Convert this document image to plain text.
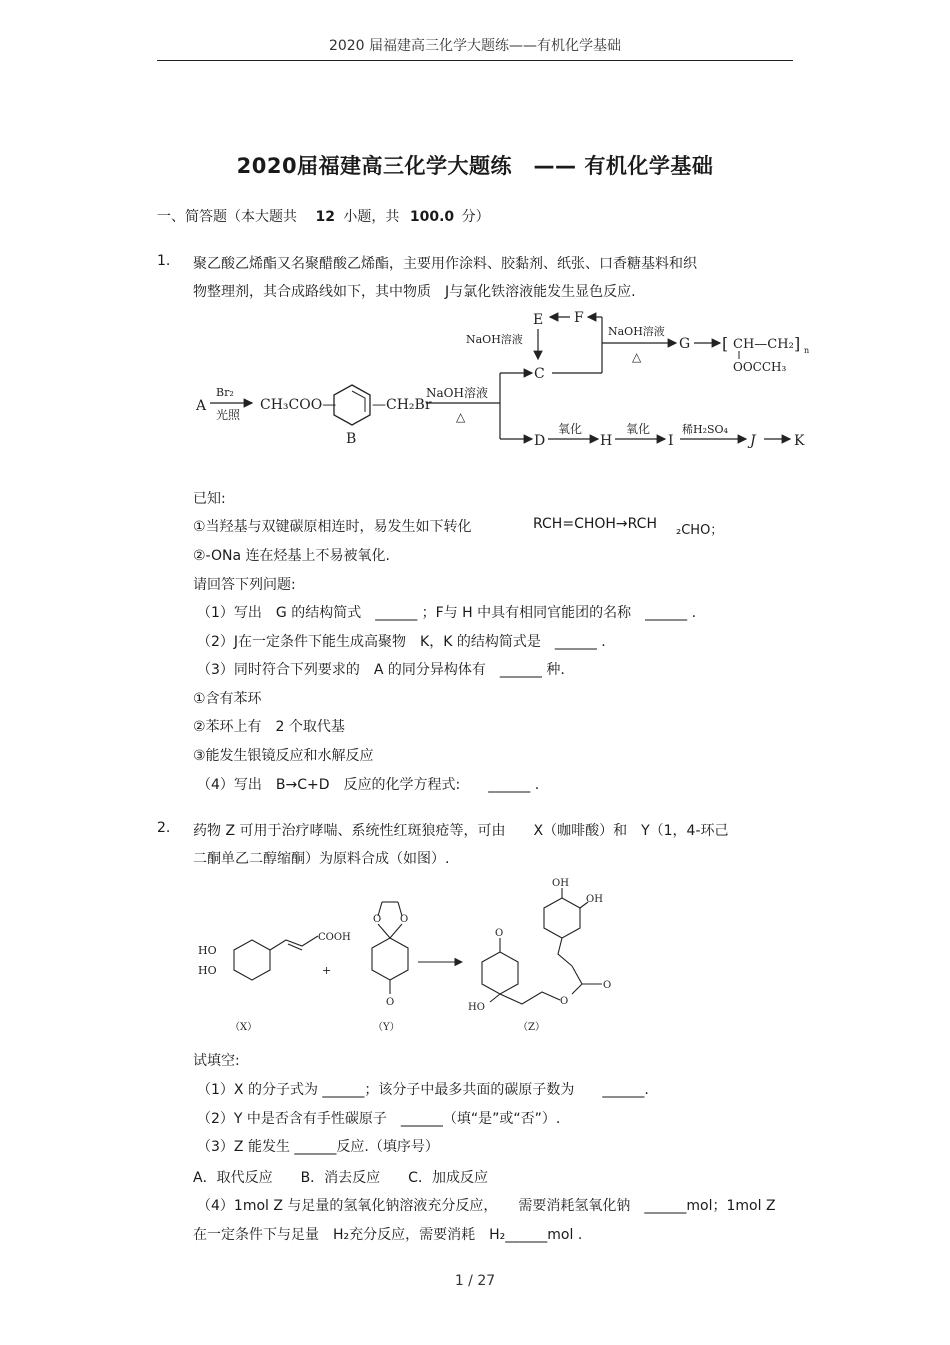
2020 届福建高三化学大题练——有机化学基础
2020届福建高三化学大题练　—— 有机化学基础
一、简答题（本大题共 12 小题，共 100.0 分）
1. 聚乙酸乙烯酯又名聚醋酸乙烯酯，主要用作涂料、胶黏剂、纸张、口香糖基料和织
物整理剂，其合成路线如下，其中物质　J与氯化铁溶液能发生显色反应.
A
Br₂
光照
CH₃COO—	—CH₂Br
B
NaOH溶液
△
C
D
E F
NaOH溶液
NaOH溶液
△
G [ CH—CH₂ ] n
OOCCH₃
氧化
H
氧化
I
稀H₂SO₄
J	K
已知:
①当羟基与双键碳原相连时，易发生如下转化	RCH=CHOH→RCH ₂CHO；
②-ONa 连在烃基上不易被氧化.
请回答下列问题:
（1）写出　G 的结构简式　______ ；F与 H 中具有相同官能团的名称　______ .
（2）J在一定条件下能生成高聚物　K，K 的结构简式是　______ .
（3）同时符合下列要求的　A 的同分异构体有　______ 种.
①含有苯环
②苯环上有　2 个取代基
③能发生银镜反应和水解反应
（4）写出　B→C+D　反应的化学方程式:　　______ .
2. 药物 Z 可用于治疗哮喘、系统性红斑狼疮等，可由　　X（咖啡酸）和　Y（1，4-环己
二酮单乙二醇缩酮）为原料合成（如图）.
HO
HO
COOH
（X）
+
O O
O
（Y）
O
HO
O
O
OH
OH
（Z）
试填空:
（1）X 的分子式为 ______；该分子中最多共面的碳原子数为　　______.
（2）Y 中是否含有手性碳原子　______（填“是”或“否”）.
（3）Z 能发生 ______反应.（填序号）
A．取代反应　　B．消去反应　　C．加成反应
（4）1mol Z 与足量的氢氧化钠溶液充分反应，　　需要消耗氢氧化钠　______mol；1mol Z
在一定条件下与足量　H₂充分反应，需要消耗　H₂______mol .
1 / 27
